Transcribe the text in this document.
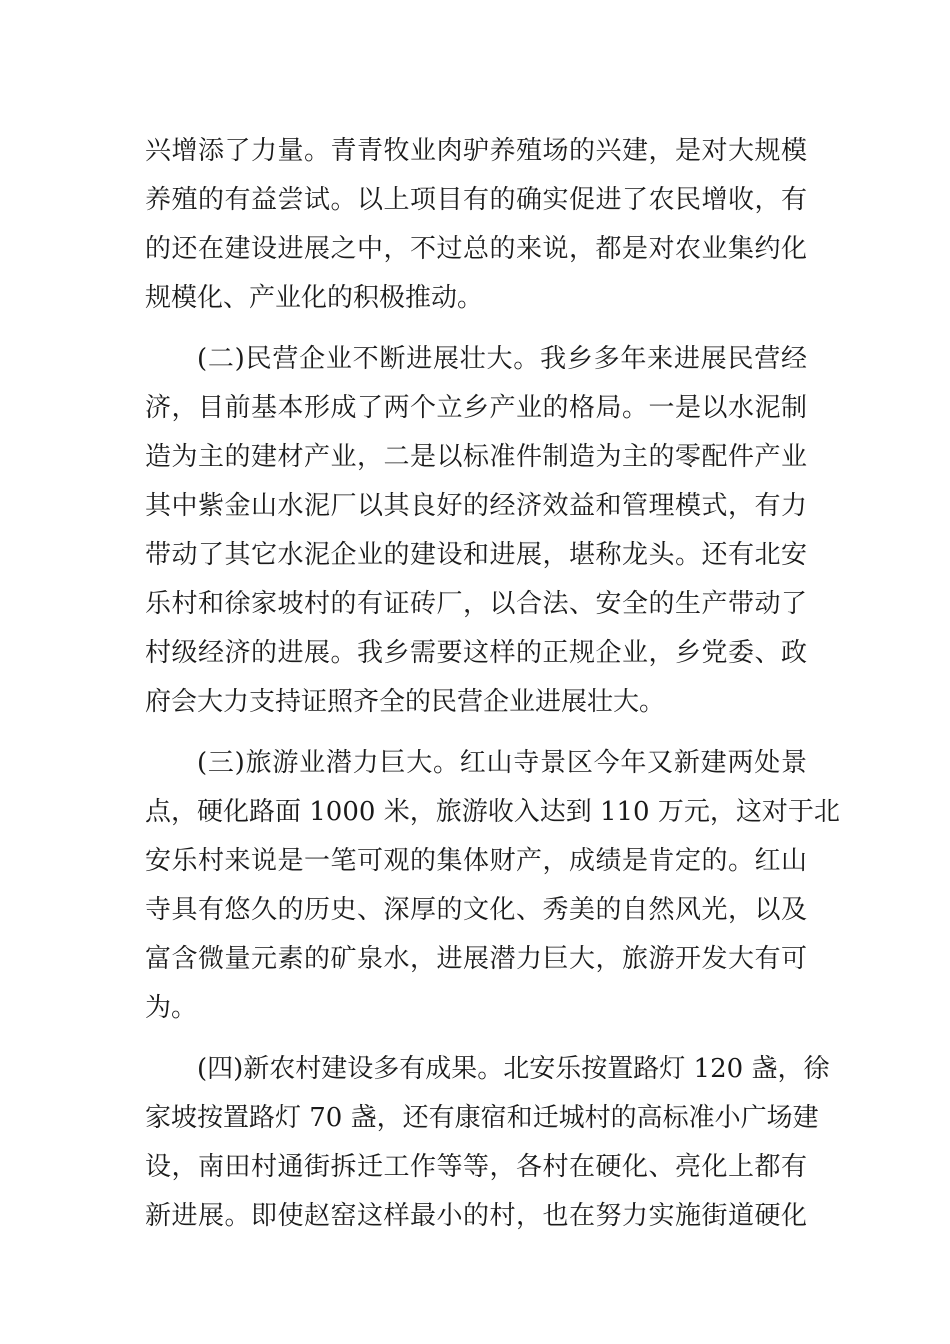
兴增添了力量。青青牧业肉驴养殖场的兴建，是对大规模
养殖的有益尝试。以上项目有的确实促进了农民增收，有
的还在建设进展之中，不过总的来说，都是对农业集约化
规模化、产业化的积极推动。
(二)民营企业不断进展壮大。我乡多年来进展民营经
济，目前基本形成了两个立乡产业的格局。一是以水泥制
造为主的建材产业，二是以标准件制造为主的零配件产业
其中紫金山水泥厂以其良好的经济效益和管理模式，有力
带动了其它水泥企业的建设和进展，堪称龙头。还有北安
乐村和徐家坡村的有证砖厂，以合法、安全的生产带动了
村级经济的进展。我乡需要这样的正规企业，乡党委、政
府会大力支持证照齐全的民营企业进展壮大。
(三)旅游业潜力巨大。红山寺景区今年又新建两处景
点，硬化路面 1000 米，旅游收入达到 110 万元，这对于北
安乐村来说是一笔可观的集体财产，成绩是肯定的。红山
寺具有悠久的历史、深厚的文化、秀美的自然风光，以及
富含微量元素的矿泉水，进展潜力巨大，旅游开发大有可
为。
(四)新农村建设多有成果。北安乐按置路灯 120 盏，徐
家坡按置路灯 70 盏，还有康宿和迁城村的高标准小广场建
设，南田村通街拆迁工作等等，各村在硬化、亮化上都有
新进展。即使赵窑这样最小的村，也在努力实施街道硬化
